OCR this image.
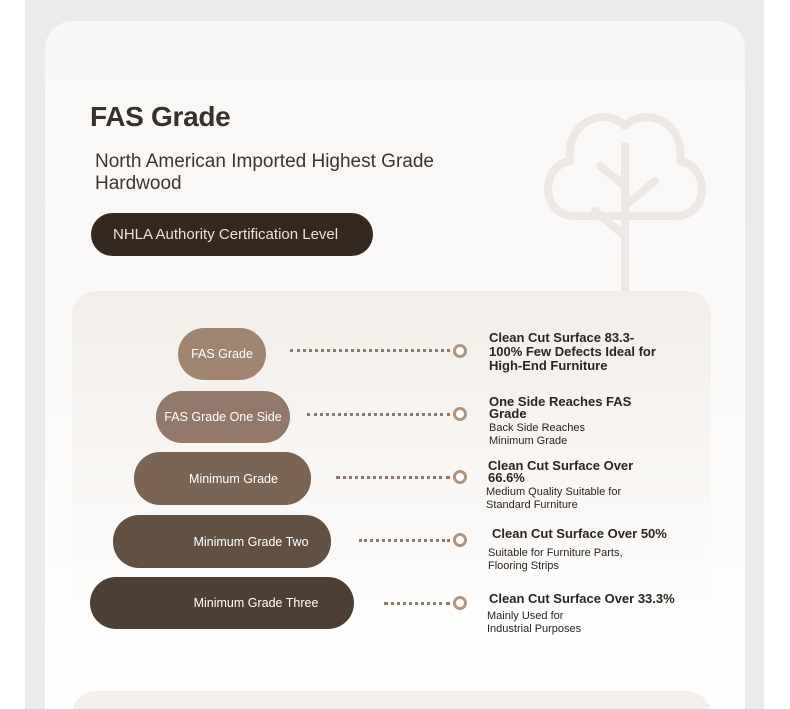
FAS Grade
North American Imported Highest Grade Hardwood
NHLA Authority Certification Level
FAS Grade
Clean Cut Surface 83.3-100% Few Defects Ideal for High-End Furniture
FAS Grade One Side
One Side Reaches FAS Grade
Back Side Reaches Minimum Grade
Minimum Grade
Clean Cut Surface Over 66.6%
Medium Quality Suitable for Standard Furniture
Minimum Grade Two
Clean Cut Surface Over 50%
Suitable for Furniture Parts, Flooring Strips
Minimum Grade Three	Clean Cut Surface Over 33.3%
Mainly Used for Industrial Purposes
